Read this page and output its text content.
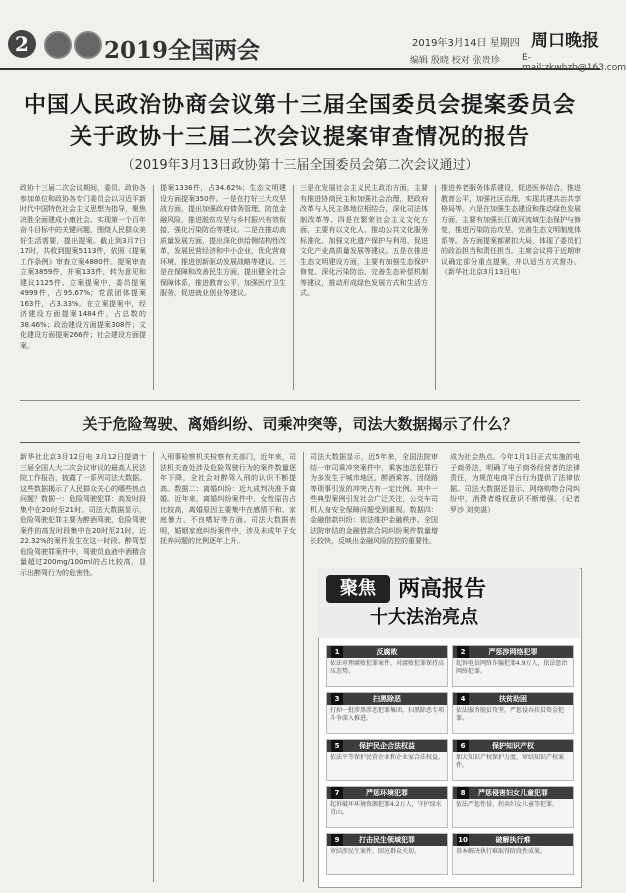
2	2019全国两会	2019年3月14日 星期四 周口晚报
编辑 殷晓 校对 张贵珍 E-mail:zkwbzb@163.com
中国人民政治协商会议第十三届全国委员会提案委员会
关于政协十三届二次会议提案审查情况的报告
（2019年3月13日政协第十三届全国委员会第二次会议通过）
政协十三届二次会议期间，委员、政协各参加单位和政协各专门委员会以习近平新时代中国特色社会主义思想为指导，聚焦决胜全面建成小康社会、实现第一个百年奋斗目标中的关键问题，围绕人民群众美好生活需要，提出提案。截止到3月7日17时，共收到提案5113件，依照《提案工作条例》审查立案4880件。提案审查立案3859件，并案133件，转为意见和建议1125件。立案提案中，委员提案4999件，占95.67%；党派团体提案163件，占3.33%。在立案提案中，经济建设方面提案1484件，占总数的38.46%；政治建设方面提案308件；文化建设方面提案266件；社会建设方面提案。
提案1336件，占34.62%；生态文明建设方面提案350件。一是在打好三大攻坚战方面，提出加强政府债务管理、防范金融风险，推进脱贫攻坚与乡村振兴有效衔接，强化污染防治等建议。二是在推动高质量发展方面，提出深化供给侧结构性改革，发展民营经济和中小企业，优化营商环境，推进创新驱动发展战略等建议。三是在保障和改善民生方面，提出健全社会保障体系，推进教育公平，加强医疗卫生服务，促进就业创业等建议。
三是在发展社会主义民主政治方面，主要有推进协商民主和加强社会治理，把政府改革与人民主体地位相结合，深化司法体制改革等。四是在繁荣社会主义文化方面，主要有以文化人、推动公共文化服务标准化、加强文化遗产保护与利用、促进文化产业高质量发展等建议。五是在推进生态文明建设方面，主要有加强生态保护修复、深化污染防治、完善生态补偿机制等建议，推动形成绿色发展方式和生活方式。
推进养老服务体系建设，促进医养结合，推进教育公平，加强社区治理，实现共建共治共享格局等。六是在加强生态建设和推动绿色发展方面，主要有加强长江黄河流域生态保护与修复，推进污染防治攻坚，完善生态文明制度体系等。各方面提案都紧扣大局，体现了委员们的政治担当和责任担当。主席会议将于近期审议确定部分重点提案，并以适当方式督办。（新华社北京3月13日电）
关于危险驾驶、离婚纠纷、司乘冲突等，司法大数据揭示了什么？
新华社北京3月12日电 3月12日提请十三届全国人大二次会议审议的最高人民法院工作报告，披露了一系列司法大数据。这些数据揭示了人民群众关心的哪些热点问题？数据一：危险驾驶犯罪：高发时段集中在20时至21时。司法大数据显示，危险驾驶犯罪主要为醉酒驾驶，危险驾驶案件的高发时段集中在20时至21时，近22.32%的案件发生在这一时段。醉驾型危险驾驶罪案件中，驾驶员血液中酒精含量超过200mg/100ml的占比较高，显示出醉驾行为的危害性。
入刑事检察机关检察有关部门，近年来，司法机关查处涉及危险驾驶行为的案件数量逐年下降，全社会对醉驾入刑的认识不断提高。数据二：离婚纠纷：近九成判决准予离婚。近年来，离婚纠纷案件中，女性原告占比较高，离婚原因主要集中在感情不和、家庭暴力、不良嗜好等方面。司法大数据表明，婚姻家庭纠纷案件中，涉及未成年子女抚养问题的比例逐年上升。
司法大数据显示，近5年来，全国法院审结一审司乘冲突案件中，乘客违法犯罪行为多发生于城市地区，醉酒乘客、因绕路等琐事引发的冲突占有一定比例。其中一些典型案例引发社会广泛关注，公交车司机人身安全保障问题受到重视。数据四：金融借款纠纷：依法维护金融秩序。全国法院审结的金融借款合同纠纷案件数量增长较快，反映出金融风险防控的重要性。
成为社会热点。今年1月1日正式实施的电子商务法，明确了电子商务经营者的法律责任，为规范电商平台行为提供了法律依据。司法大数据还显示，网络购物合同纠纷中，消费者维权意识不断增强。（记者 罗沙 刘奕湛）
聚焦	两高报告
十大法治亮点
1	反腐败
依法审理腐败犯罪案件，对腐败犯罪保持高压态势。
2	严惩涉网络犯罪
起诉电信网络诈骗犯罪4.9万人，依法惩治网络犯罪。
3	扫黑除恶
打掉一批涉黑涉恶犯罪集团，扫黑除恶专项斗争深入推进。
4	扶贫助困
依法服务脱贫攻坚，严惩侵吞扶贫资金犯罪。
5	保护民企合法权益
依法平等保护民营企业和企业家合法权益。
6	保护知识产权
加大知识产权保护力度，审结知识产权案件。
7	严惩环境犯罪
起诉破坏环境资源犯罪4.2万人，守护绿水青山。
8	严惩侵害妇女儿童犯罪
依法严惩性侵、拐卖妇女儿童等犯罪。
9	打击民生领域犯罪
审结涉民生案件，回应群众关切。
10	破解执行难
基本解决执行难取得阶段性成果。
